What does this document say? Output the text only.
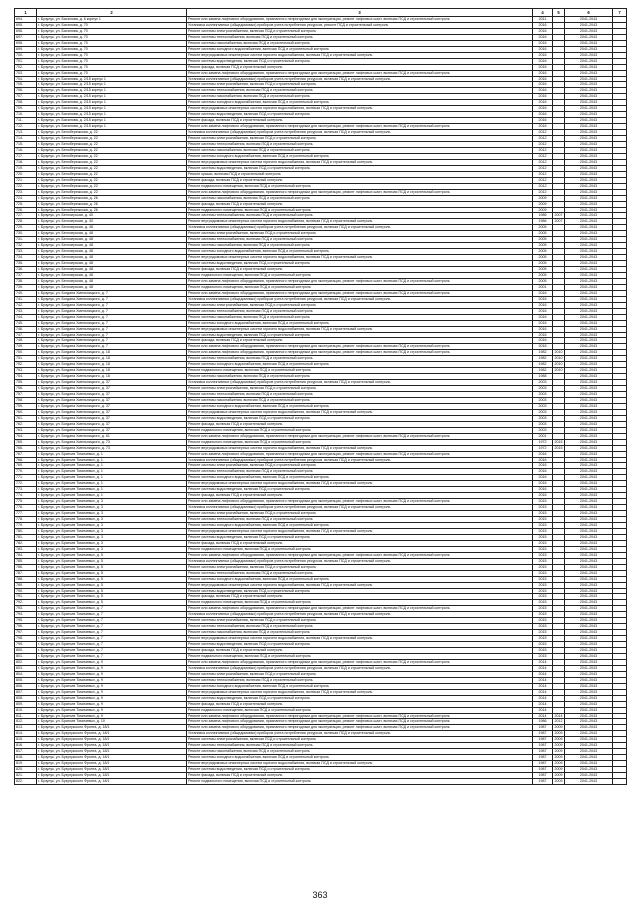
1	2	3	4	5	6	7
694.	г. Бузулук, ул. Бахилова, д. 6 корпус 1	Ремонт или замена лифтового оборудования, признанного непригодным для эксплуатации, ремонт лифтовых шахт, включая ПСД и строительный контроль	2011		2041-2043	
695.	г. Бузулук, ул. Бахилова, д. 70	Установка коллективных (общедомовых) приборов учета потребления ресурсов, ремонт ПСД и строительный контроль	2016		2041-2043	
696.	г. Бузулук, ул. Бахилова, д. 70	Ремонт системы электроснабжения, включая ПСД и строительный контроль	2016		2041-2043	
697.	г. Бузулук, ул. Бахилова, д. 70	Ремонт системы теплоснабжения, включая ПСД и строительный контроль	2016		2041-2043	
698.	г. Бузулук, ул. Бахилова, д. 70	Ремонт системы газоснабжения, включая ПСД и строительный контроль	2016		2041-2043	
699.	г. Бузулук, ул. Бахилова, д. 70	Ремонт системы холодного водоснабжения, включая ПСД и строительный контроль	2016		2041-2043	
700.	г. Бузулук, ул. Бахилова, д. 70	Ремонт внутридомовых инженерных систем горячего водоснабжения, включая ПСД и строительный контроль	2016		2041-2043	
701.	г. Бузулук, ул. Бахилова, д. 70	Ремонт системы водоотведения, включая ПСД и строительный контроль	2016		2041-2043	
702.	г. Бузулук, ул. Бахилова, д. 70	Ремонт фасада, включая ПСД и строительный контроль	2016		2041-2043	
703.	г. Бузулук, ул. Бахилова, д. 70	Ремонт или замена лифтового оборудования, признанного непригодным для эксплуатации, ремонт лифтовых шахт, включая ПСД и строительный контроль	2016		2041-2043	
704.	г. Бузулук, ул. Бахилова, д. 2/15 корпус 1	Установка коллективных (общедомовых) приборов учета потребления ресурсов, включая ПСД и строительный контроль	2016		2041-2043	
705.	г. Бузулук, ул. Бахилова, д. 2/15 корпус 1	Ремонт системы электроснабжения, включая ПСД и строительный контроль	2016		2041-2043	
706.	г. Бузулук, ул. Бахилова, д. 2/15 корпус 1	Ремонт системы теплоснабжения, включая ПСД и строительный контроль	2016		2041-2043	
707.	г. Бузулук, ул. Бахилова, д. 2/15 корпус 1	Ремонт системы газоснабжения, включая ПСД и строительный контроль	2016		2041-2043	
708.	г. Бузулук, ул. Бахилова, д. 2/15 корпус 1	Ремонт системы холодного водоснабжения, включая ПСД и строительный контроль	2016		2041-2043	
709.	г. Бузулук, ул. Бахилова, д. 2/15 корпус 1	Ремонт внутридомовых инженерных систем горячего водоснабжения, включая ПСД и строительный контроль	2016		2041-2043	
710.	г. Бузулук, ул. Бахилова, д. 2/15 корпус 1	Ремонт системы водоотведения, включая ПСД и строительный контроль	2016		2041-2043	
711.	г. Бузулук, ул. Бахилова, д. 2/15 корпус 1	Ремонт фасада, включая ПСД и строительный контроль	2016		2041-2043	
712.	г. Бузулук, ул. Бахилова, д. 2/15 корпус 1	Ремонт или замена лифтового оборудования, признанного непригодным для эксплуатации, ремонт лифтовых шахт, включая ПСД и строительный контроль	2016		2041-2043	
713.	г. Бузулук, ул. Белобережская, д. 22	Установка коллективных (общедомовых) приборов учета потребления ресурсов, включая ПСД и строительный контроль	2012		2041-2043	
714.	г. Бузулук, ул. Белобережская, д. 22	Ремонт системы электроснабжения, включая ПСД и строительный контроль	2012		2041-2043	
715.	г. Бузулук, ул. Белобережская, д. 22	Ремонт системы теплоснабжения, включая ПСД и строительный контроль	2012		2041-2043	
716.	г. Бузулук, ул. Белобережская, д. 22	Ремонт системы газоснабжения, включая ПСД и строительный контроль	2012		2041-2043	
717.	г. Бузулук, ул. Белобережская, д. 22	Ремонт системы холодного водоснабжения, включая ПСД и строительный контроль	2012		2041-2043	
718.	г. Бузулук, ул. Белобережская, д. 22	Ремонт внутридомовых инженерных систем горячего водоснабжения, включая ПСД и строительный контроль	2012		2041-2043	
719.	г. Бузулук, ул. Белобережская, д. 22	Ремонт системы водоотведения, включая ПСД и строительный контроль	2012		2041-2043	
720.	г. Бузулук, ул. Белобережская, д. 22	Ремонт крыши, включая ПСД и строительный контроль	2012		2041-2043	
721.	г. Бузулук, ул. Белобережская, д. 22	Ремонт фасада, включая ПСД и строительный контроль	2012		2041-2043	
722.	г. Бузулук, ул. Белобережская, д. 22	Ремонт подвального помещения, включая ПСД и строительный контроль	2012		2041-2043	
723.	г. Бузулук, ул. Белобережская, д. 22	Ремонт или замена лифтового оборудования, признанного непригодным для эксплуатации, ремонт лифтовых шахт, включая ПСД и строительный контроль	2012		2041-2043	
724.	г. Бузулук, ул. Белобережская, д. 26	Ремонт системы газоснабжения, включая ПСД и строительный контроль	2009		2041-2043	
725.	г. Бузулук, ул. Белобережская, д. 26	Ремонт фасада, включая ПСД и строительный контроль	2009		2041-2043	
726.	г. Бузулук, ул. Белобережская, д. 26	Ремонт подвального помещения, включая ПСД и строительный контроль	2009		2041-2043	
727.	г. Бузулук, ул. Белозерская, д. 40	Ремонт системы теплоснабжения, включая ПСД и строительный контроль	1986	2007	2041-2043	
728.	г. Бузулук, ул. Белозерская, д. 40	Ремонт внутридомовых инженерных систем горячего водоснабжения, включая ПСД и строительный контроль	1986	2007	2041-2043	
729.	г. Бузулук, ул. Белозерская, д. 48	Установка коллективных (общедомовых) приборов учета потребления ресурсов, включая ПСД и строительный контроль	2005		2041-2043	
730.	г. Бузулук, ул. Белозерская, д. 48	Ремонт системы электроснабжения, включая ПСД и строительный контроль	2005		2041-2043	
731.	г. Бузулук, ул. Белозерская, д. 48	Ремонт системы теплоснабжения, включая ПСД и строительный контроль	2005		2041-2043	
732.	г. Бузулук, ул. Белозерская, д. 48	Ремонт системы газоснабжения, включая ПСД и строительный контроль	2005		2041-2043	
733.	г. Бузулук, ул. Белозерская, д. 48	Ремонт системы холодного водоснабжения, включая ПСД и строительный контроль	2005		2041-2043	
734.	г. Бузулук, ул. Белозерская, д. 48	Ремонт внутридомовых инженерных систем горячего водоснабжения, включая ПСД и строительный контроль	2005		2041-2043	
735.	г. Бузулук, ул. Белозерская, д. 48	Ремонт системы водоотведения, включая ПСД и строительный контроль	2005		2041-2043	
736.	г. Бузулук, ул. Белозерская, д. 48	Ремонт фасада, включая ПСД и строительный контроль	2005		2041-2043	
737.	г. Бузулук, ул. Белозерская, д. 48	Ремонт подвального помещения, включая ПСД и строительный контроль	2005		2041-2043	
738.	г. Бузулук, ул. Белозерская, д. 48	Ремонт или замена лифтового оборудования, признанного непригодным для эксплуатации, ремонт лифтовых шахт, включая ПСД и строительный контроль	2005		2041-2043	
739.	г. Бузулук, ул. Белозерская, д. 48	Ремонт подвального помещения, включая ПСД и строительный контроль	2001		2041-2043	
740.	г. Бузулук, ул. Богдана Хмельницкого, д. 7	Ремонт или замена лифтового оборудования, признанного непригодным для эксплуатации, ремонт лифтовых шахт, включая ПСД и строительный контроль	2016		2041-2043	
741.	г. Бузулук, ул. Богдана Хмельницкого, д. 7	Установка коллективных (общедомовых) приборов учета потребления ресурсов, включая ПСД и строительный контроль	2016		2041-2043	
742.	г. Бузулук, ул. Богдана Хмельницкого, д. 7	Ремонт системы электроснабжения, включая ПСД и строительный контроль	2016		2041-2043	
743.	г. Бузулук, ул. Богдана Хмельницкого, д. 7	Ремонт системы теплоснабжения, включая ПСД и строительный контроль	2016		2041-2043	
744.	г. Бузулук, ул. Богдана Хмельницкого, д. 7	Ремонт системы газоснабжения, включая ПСД и строительный контроль	2016		2041-2043	
745.	г. Бузулук, ул. Богдана Хмельницкого, д. 7	Ремонт системы холодного водоснабжения, включая ПСД и строительный контроль	2016		2041-2043	
746.	г. Бузулук, ул. Богдана Хмельницкого, д. 7	Ремонт внутридомовых инженерных систем горячего водоснабжения, включая ПСД и строительный контроль	2016		2041-2043	
747.	г. Бузулук, ул. Богдана Хмельницкого, д. 7	Ремонт системы водоотведения, включая ПСД и строительный контроль	2016		2041-2043	
748.	г. Бузулук, ул. Богдана Хмельницкого, д. 7	Ремонт фасада, включая ПСД и строительный контроль	2016		2041-2043	
749.	г. Бузулук, ул. Богдана Хмельницкого, д. 7	Ремонт или замена лифтового оборудования, признанного непригодным для эксплуатации, ремонт лифтовых шахт, включая ПСД и строительный контроль	2016		2041-2043	
750.	г. Бузулук, ул. Богдана Хмельницкого, д. 18	Ремонт или замена лифтового оборудования, признанного непригодным для эксплуатации, ремонт лифтовых шахт, включая ПСД и строительный контроль	1982	2010	2041-2043	
751.	г. Бузулук, ул. Богдана Хмельницкого, д. 18	Ремонт системы теплоснабжения, включая ПСД и строительный контроль	1982	2010	2041-2043	
752.	г. Бузулук, ул. Богдана Хмельницкого, д. 18	Ремонт системы холодного водоснабжения, включая ПСД и строительный контроль	1982	2010	2041-2043	
753.	г. Бузулук, ул. Богдана Хмельницкого, д. 18	Ремонт подвального помещения, включая ПСД и строительный контроль	1982	2010	2041-2043	
754.	г. Бузулук, ул. Богдана Хмельницкого, д. 18	Ремонт системы газоснабжения, включая ПСД и строительный контроль	1988		2041-2043	
755.	г. Бузулук, ул. Богдана Хмельницкого, д. 37	Установка коллективных (общедомовых) приборов учета потребления ресурсов, включая ПСД и строительный контроль	2003		2041-2043	
756.	г. Бузулук, ул. Богдана Хмельницкого, д. 37	Ремонт системы электроснабжения, включая ПСД и строительный контроль	2003		2041-2043	
757.	г. Бузулук, ул. Богдана Хмельницкого, д. 37	Ремонт системы теплоснабжения, включая ПСД и строительный контроль	2003		2041-2043	
758.	г. Бузулук, ул. Богдана Хмельницкого, д. 37	Ремонт системы газоснабжения, включая ПСД и строительный контроль	2003		2041-2043	
759.	г. Бузулук, ул. Богдана Хмельницкого, д. 37	Ремонт системы холодного водоснабжения, включая ПСД и строительный контроль	2003		2041-2043	
760.	г. Бузулук, ул. Богдана Хмельницкого, д. 37	Ремонт внутридомовых инженерных систем горячего водоснабжения, включая ПСД и строительный контроль	2003		2041-2043	
761.	г. Бузулук, ул. Богдана Хмельницкого, д. 37	Ремонт системы водоотведения, включая ПСД и строительный контроль	2003		2041-2043	
762.	г. Бузулук, ул. Богдана Хмельницкого, д. 37	Ремонт фасада, включая ПСД и строительный контроль	2003		2041-2043	
763.	г. Бузулук, ул. Богдана Хмельницкого, д. 37	Ремонт подвального помещения, включая ПСД и строительный контроль	2003		2041-2043	
764.	г. Бузулук, ул. Богдана Хмельницкого, д. 61	Ремонт или замена лифтового оборудования, признанного непригодным для эксплуатации, ремонт лифтовых шахт, включая ПСД и строительный контроль	2001		2041-2043	
765.	г. Бузулук, ул. Богдана Хмельницкого, д. 73	Ремонт подвального помещения, включая ПСД и строительный контроль	1972	2015	2041-2043	
766.	г. Бузулук, ул. Богдана Хмельницкого, д. 73	Ремонт внутридомовых инженерных систем горячего водоснабжения, включая ПСД и строительный контроль	1972	2015	2041-2043	
767.	г. Бузулук, ул. Братьев Томичевых, д. 1	Ремонт или замена лифтового оборудования, признанного непригодным для эксплуатации, ремонт лифтовых шахт, включая ПСД и строительный контроль	2016		2041-2043	
768.	г. Бузулук, ул. Братьев Томичевых, д. 1	Установка коллективных (общедомовых) приборов учета потребления ресурсов, включая ПСД и строительный контроль	2016		2041-2043	
769.	г. Бузулук, ул. Братьев Томичевых, д. 1	Ремонт системы электроснабжения, включая ПСД и строительный контроль	2016		2041-2043	
770.	г. Бузулук, ул. Братьев Томичевых, д. 1	Ремонт системы теплоснабжения, включая ПСД и строительный контроль	2016		2041-2043	
771.	г. Бузулук, ул. Братьев Томичевых, д. 1	Ремонт системы холодного водоснабжения, включая ПСД и строительный контроль	2016		2041-2043	
772.	г. Бузулук, ул. Братьев Томичевых, д. 1	Ремонт внутридомовых инженерных систем горячего водоснабжения, включая ПСД и строительный контроль	2016		2041-2043	
773.	г. Бузулук, ул. Братьев Томичевых, д. 1	Ремонт системы водоотведения, включая ПСД и строительный контроль	2016		2041-2043	
774.	г. Бузулук, ул. Братьев Томичевых, д. 1	Ремонт фасада, включая ПСД и строительный контроль	2016		2041-2043	
775.	г. Бузулук, ул. Братьев Томичевых, д. 3	Ремонт или замена лифтового оборудования, признанного непригодным для эксплуатации, ремонт лифтовых шахт, включая ПСД и строительный контроль	2015		2041-2043	
776.	г. Бузулук, ул. Братьев Томичевых, д. 3	Установка коллективных (общедомовых) приборов учета потребления ресурсов, включая ПСД и строительный контроль	2015		2041-2043	
777.	г. Бузулук, ул. Братьев Томичевых, д. 3	Ремонт системы электроснабжения, включая ПСД и строительный контроль	2015		2041-2043	
778.	г. Бузулук, ул. Братьев Томичевых, д. 3	Ремонт системы теплоснабжения, включая ПСД и строительный контроль	2015		2041-2043	
779.	г. Бузулук, ул. Братьев Томичевых, д. 3	Ремонт системы холодного водоснабжения, включая ПСД и строительный контроль	2015		2041-2043	
780.	г. Бузулук, ул. Братьев Томичевых, д. 3	Ремонт внутридомовых инженерных систем горячего водоснабжения, включая ПСД и строительный контроль	2015		2041-2043	
781.	г. Бузулук, ул. Братьев Томичевых, д. 3	Ремонт системы водоотведения, включая ПСД и строительный контроль	2015		2041-2043	
782.	г. Бузулук, ул. Братьев Томичевых, д. 3	Ремонт фасада, включая ПСД и строительный контроль	2015		2041-2043	
783.	г. Бузулук, ул. Братьев Томичевых, д. 3	Ремонт подвального помещения, включая ПСД и строительный контроль	2015		2041-2043	
784.	г. Бузулук, ул. Братьев Томичевых, д. 5	Ремонт или замена лифтового оборудования, признанного непригодным для эксплуатации, ремонт лифтовых шахт, включая ПСД и строительный контроль	2015		2041-2043	
785.	г. Бузулук, ул. Братьев Томичевых, д. 5	Установка коллективных (общедомовых) приборов учета потребления ресурсов, включая ПСД и строительный контроль	2015		2041-2043	
786.	г. Бузулук, ул. Братьев Томичевых, д. 5	Ремонт системы электроснабжения, включая ПСД и строительный контроль	2015		2041-2043	
787.	г. Бузулук, ул. Братьев Томичевых, д. 5	Ремонт системы теплоснабжения, включая ПСД и строительный контроль	2015		2041-2043	
788.	г. Бузулук, ул. Братьев Томичевых, д. 5	Ремонт системы холодного водоснабжения, включая ПСД и строительный контроль	2015		2041-2043	
789.	г. Бузулук, ул. Братьев Томичевых, д. 5	Ремонт внутридомовых инженерных систем горячего водоснабжения, включая ПСД и строительный контроль	2015		2041-2043	
790.	г. Бузулук, ул. Братьев Томичевых, д. 5	Ремонт системы водоотведения, включая ПСД и строительный контроль	2015		2041-2043	
791.	г. Бузулук, ул. Братьев Томичевых, д. 5	Ремонт фасада, включая ПСД и строительный контроль	2015		2041-2043	
792.	г. Бузулук, ул. Братьев Томичевых, д. 5	Ремонт подвального помещения, включая ПСД и строительный контроль	2015		2041-2043	
793.	г. Бузулук, ул. Братьев Томичевых, д. 7	Ремонт или замена лифтового оборудования, признанного непригодным для эксплуатации, ремонт лифтовых шахт, включая ПСД и строительный контроль	2015		2041-2043	
794.	г. Бузулук, ул. Братьев Томичевых, д. 7	Установка коллективных (общедомовых) приборов учета потребления ресурсов, включая ПСД и строительный контроль	2015		2041-2043	
795.	г. Бузулук, ул. Братьев Томичевых, д. 7	Ремонт системы электроснабжения, включая ПСД и строительный контроль	2015		2041-2043	
796.	г. Бузулук, ул. Братьев Томичевых, д. 7	Ремонт системы теплоснабжения, включая ПСД и строительный контроль	2015		2041-2043	
797.	г. Бузулук, ул. Братьев Томичевых, д. 7	Ремонт системы газоснабжения, включая ПСД и строительный контроль	2015		2041-2043	
798.	г. Бузулук, ул. Братьев Томичевых, д. 7	Ремонт внутридомовых инженерных систем горячего водоснабжения, включая ПСД и строительный контроль	2015		2041-2043	
799.	г. Бузулук, ул. Братьев Томичевых, д. 7	Ремонт системы водоотведения, включая ПСД и строительный контроль	2015		2041-2043	
800.	г. Бузулук, ул. Братьев Томичевых, д. 7	Ремонт фасада, включая ПСД и строительный контроль	2015		2041-2043	
801.	г. Бузулук, ул. Братьев Томичевых, д. 7	Ремонт подвального помещения, включая ПСД и строительный контроль	2015		2041-2043	
802.	г. Бузулук, ул. Братьев Томичевых, д. 9	Ремонт или замена лифтового оборудования, признанного непригодным для эксплуатации, ремонт лифтовых шахт, включая ПСД и строительный контроль	2014		2041-2043	
803.	г. Бузулук, ул. Братьев Томичевых, д. 9	Установка коллективных (общедомовых) приборов учета потребления ресурсов, включая ПСД и строительный контроль	2014		2041-2043	
804.	г. Бузулук, ул. Братьев Томичевых, д. 9	Ремонт системы электроснабжения, включая ПСД и строительный контроль	2014		2041-2043	
805.	г. Бузулук, ул. Братьев Томичевых, д. 9	Ремонт системы теплоснабжения, включая ПСД и строительный контроль	2014		2041-2043	
806.	г. Бузулук, ул. Братьев Томичевых, д. 9	Ремонт системы холодного водоснабжения, включая ПСД и строительный контроль	2014		2041-2043	
807.	г. Бузулук, ул. Братьев Томичевых, д. 9	Ремонт внутридомовых инженерных систем горячего водоснабжения, включая ПСД и строительный контроль	2014		2041-2043	
808.	г. Бузулук, ул. Братьев Томичевых, д. 9	Ремонт системы водоотведения, включая ПСД и строительный контроль	2014		2041-2043	
809.	г. Бузулук, ул. Братьев Томичевых, д. 9	Ремонт фасада, включая ПСД и строительный контроль	2014		2041-2043	
810.	г. Бузулук, ул. Братьев Томичевых, д. 9	Ремонт подвального помещения, включая ПСД и строительный контроль	2014		2041-2043	
811.	г. Бузулук, ул. Братьев Томичевых, д. 9	Ремонт или замена лифтового оборудования, признанного непригодным для эксплуатации, ремонт лифтовых шахт, включая ПСД и строительный контроль	2014	2014	2041-2043	
812.	г. Бузулук, ул. Братьев Томичевых, д. 10	Ремонт или замена лифтового оборудования, признанного непригодным для эксплуатации, ремонт лифтовых шахт, включая ПСД и строительный контроль	1986	2012	2041-2043	
813.	г. Бузулук, ул. Бузулукского Фронта, д. 18/1	Ремонт или замена лифтового оборудования, признанного непригодным для эксплуатации, ремонт лифтовых шахт, включая ПСД и строительный контроль	1987	2009	2041-2043	
814.	г. Бузулук, ул. Бузулукского Фронта, д. 18/1	Установка коллективных (общедомовых) приборов учета потребления ресурсов, включая ПСД и строительный контроль	1987	2009	2041-2043	
815.	г. Бузулук, ул. Бузулукского Фронта, д. 18/1	Ремонт системы электроснабжения, включая ПСД и строительный контроль	1987	2009	2041-2043	
816.	г. Бузулук, ул. Бузулукского Фронта, д. 18/1	Ремонт системы теплоснабжения, включая ПСД и строительный контроль	1987	2009	2041-2043	
817.	г. Бузулук, ул. Бузулукского Фронта, д. 18/1	Ремонт системы газоснабжения, включая ПСД и строительный контроль	1987	2009	2041-2043	
818.	г. Бузулук, ул. Бузулукского Фронта, д. 18/1	Ремонт системы холодного водоснабжения, включая ПСД и строительный контроль	1987	2009	2041-2043	
819.	г. Бузулук, ул. Бузулукского Фронта, д. 18/1	Ремонт внутридомовых инженерных систем горячего водоснабжения, включая ПСД и строительный контроль	1987	2009	2041-2043	
820.	г. Бузулук, ул. Бузулукского Фронта, д. 18/1	Ремонт системы водоотведения, включая ПСД и строительный контроль	1987	2009	2041-2043	
821.	г. Бузулук, ул. Бузулукского Фронта, д. 18/1	Ремонт фасада, включая ПСД и строительный контроль	1987	2009	2041-2043	
822.	г. Бузулук, ул. Бузулукского Фронта, д. 18/1	Ремонт подвального помещения, включая ПСД и строительный контроль	1987	2009	2041-2043	
363
